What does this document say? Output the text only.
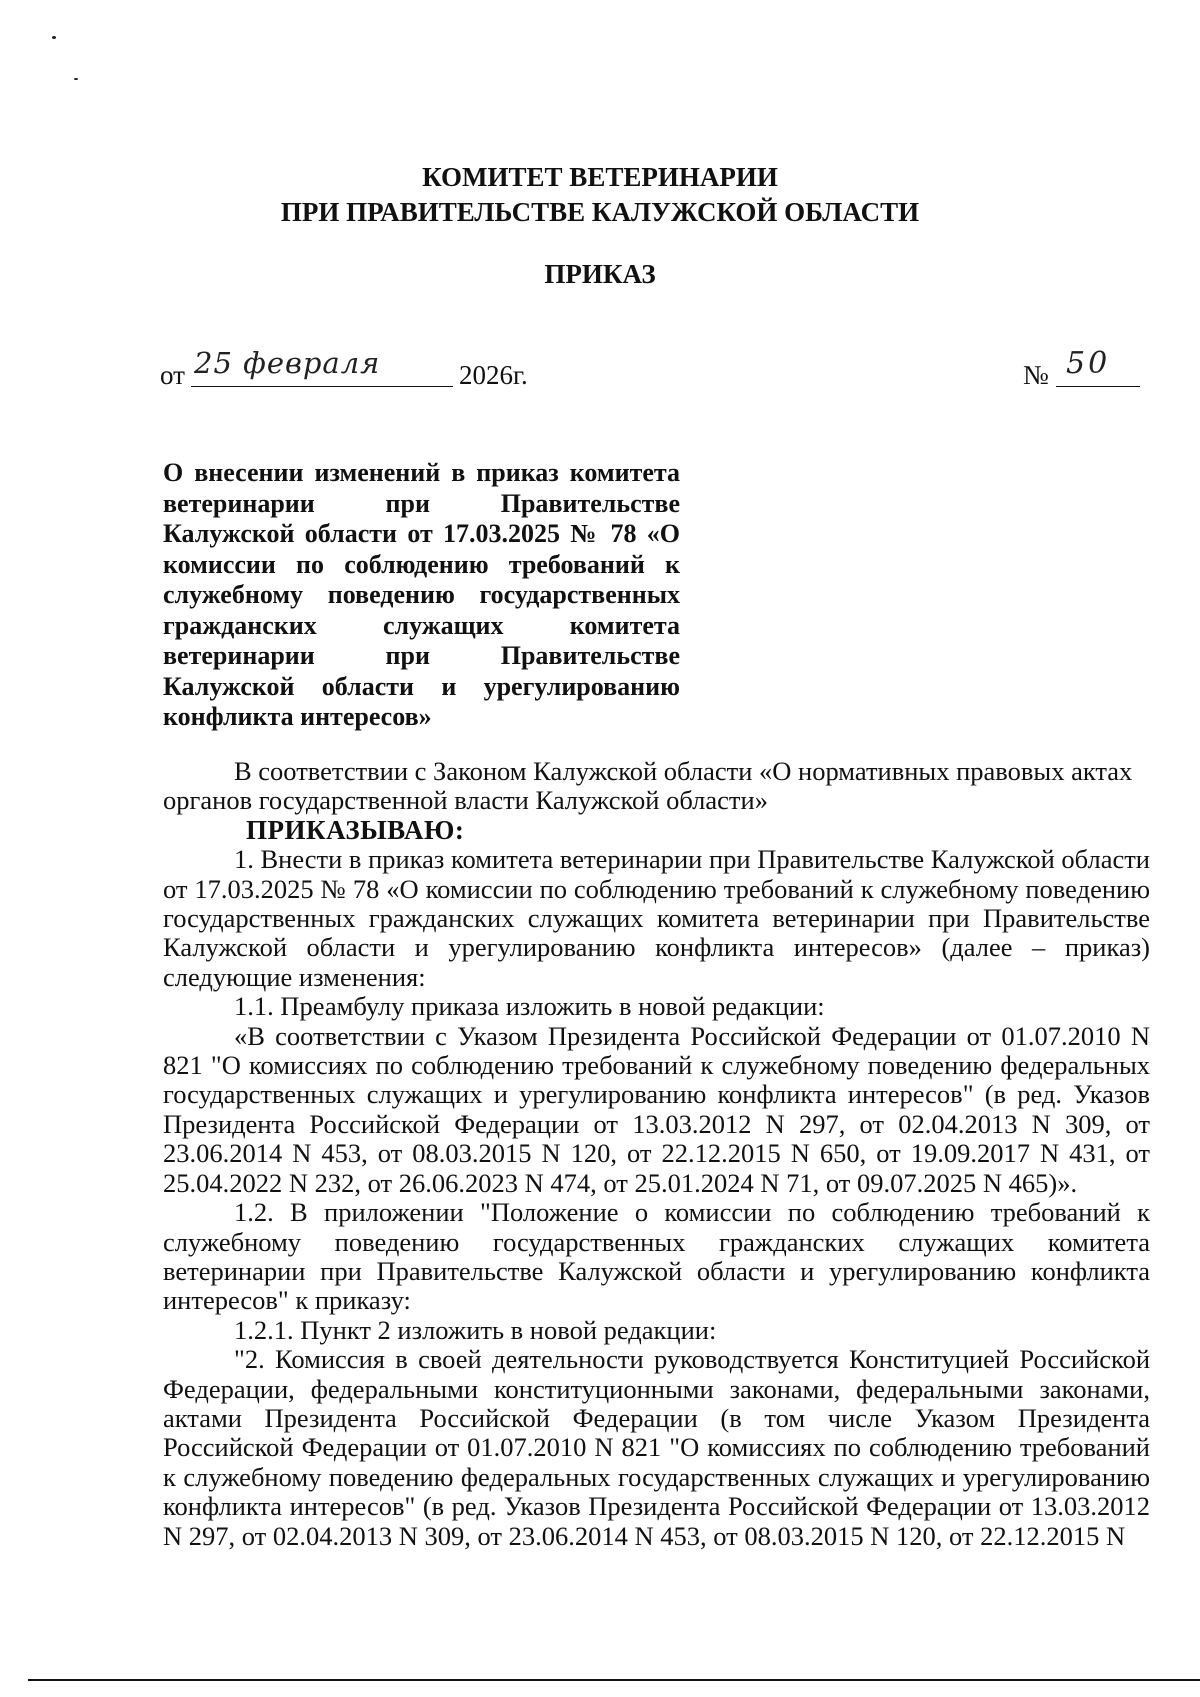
КОМИТЕТ ВЕТЕРИНАРИИ
ПРИ ПРАВИТЕЛЬСТВЕ КАЛУЖСКОЙ ОБЛАСТИ
ПРИКАЗ
от 25 февраля	2026г.	№ 50
О внесении изменений в приказ комитета ветеринарии при Правительстве Калужской области от 17.03.2025 № 78 «О комиссии по соблюдению требований к служебному поведению государственных гражданских служащих комитета ветеринарии при Правительстве Калужской области и урегулированию конфликта интересов»

В соответствии с Законом Калужской области «О нормативных правовых актах

органов государственной власти Калужской области»

ПРИКАЗЫВАЮ:

1. Внести в приказ комитета ветеринарии при Правительстве Калужской области от 17.03.2025 № 78 «О комиссии по соблюдению требований к служебному поведению государственных гражданских служащих комитета ветеринарии при Правительстве Калужской области и урегулированию конфликта интересов» (далее – приказ) следующие изменения:

1.1. Преамбулу приказа изложить в новой редакции:

«В соответствии с Указом Президента Российской Федерации от 01.07.2010 N 821 "О комиссиях по соблюдению требований к служебному поведению федеральных государственных служащих и урегулированию конфликта интересов" (в ред. Указов Президента Российской Федерации от 13.03.2012 N 297, от 02.04.2013 N 309, от 23.06.2014 N 453, от 08.03.2015 N 120, от 22.12.2015 N 650, от 19.09.2017 N 431, от 25.04.2022 N 232, от 26.06.2023 N 474, от 25.01.2024 N 71, от 09.07.2025 N 465)».

1.2. В приложении "Положение о комиссии по соблюдению требований к служебному поведению государственных гражданских служащих комитета ветеринарии при Правительстве Калужской области и урегулированию конфликта интересов" к приказу:

1.2.1. Пункт 2 изложить в новой редакции:

"2. Комиссия в своей деятельности руководствуется Конституцией Российской Федерации, федеральными конституционными законами, федеральными законами, актами Президента Российской Федерации (в том числе Указом Президента Российской Федерации от 01.07.2010 N 821 "О комиссиях по соблюдению требований к служебному поведению федеральных государственных служащих и урегулированию конфликта интересов" (в ред. Указов Президента Российской Федерации от 13.03.2012 N 297, от 02.04.2013 N 309, от 23.06.2014 N 453, от 08.03.2015 N 120, от 22.12.2015 N
